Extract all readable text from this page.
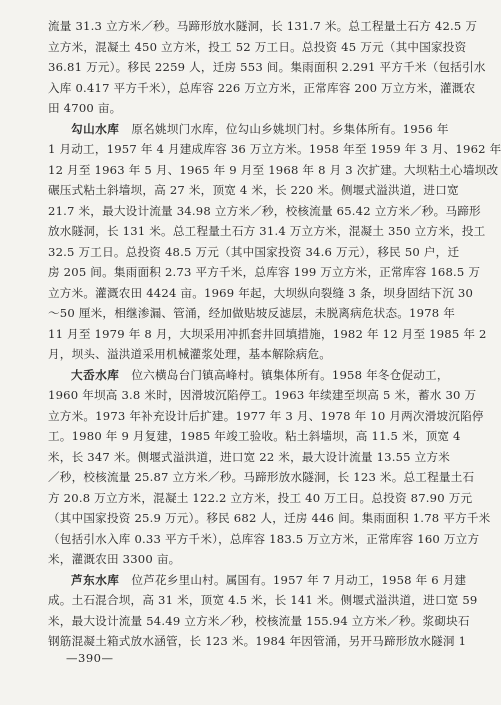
流量 31.3 立方米／秒。马蹄形放水隧洞，长 131.7 米。总工程量土石方 42.5 万
立方米，混凝土 450 立方米，投工 52 万工日。总投资 45 万元（其中国家投资
36.81 万元）。移民 2259 人，迁房 553 间。集雨面积 2.291 平方千米（包括引水
入库 0.417 平方千米），总库容 226 万立方米，正常库容 200 万立方米，灌溉农
田 4700 亩。
勾山水库 原名姚坝门水库，位勾山乡姚坝门村。乡集体所有。1956 年
1 月动工，1957 年 4 月建成库容 36 万立方米。1958 年至 1959 年 3 月、1962 年
12 月至 1963 年 5 月、1965 年 9 月至 1968 年 8 月 3 次扩建。大坝粘土心墙坝改
碾压式粘土斜墙坝，高 27 米，顶宽 4 米，长 220 米。侧堰式溢洪道，进口宽
21.7 米，最大设计流量 34.98 立方米／秒，校核流量 65.42 立方米／秒。马蹄形
放水隧洞，长 131 米。总工程量土石方 31.4 万立方米，混凝土 350 立方米，投工
32.5 万工日。总投资 48.5 万元（其中国家投资 34.6 万元），移民 50 户，迁
房 205 间。集雨面积 2.73 平方千米，总库容 199 万立方米，正常库容 168.5 万
立方米。灌溉农田 4424 亩。1969 年起，大坝纵向裂缝 3 条，坝身固结下沉 30
～50 厘米，相继渗漏、管涌，经加做贴坡反滤层，未脱离病危状态。1978 年
11 月至 1979 年 8 月，大坝采用冲抓套井回填措施，1982 年 12 月至 1985 年 2
月，坝头、溢洪道采用机械灌浆处理，基本解除病危。
大岙水库 位六横岛台门镇高峰村。镇集体所有。1958 年冬仓促动工，
1960 年坝高 3.8 米时，因滑坡沉陷停工。1963 年续建至坝高 5 米，蓄水 30 万
立方米。1973 年补充设计后扩建。1977 年 3 月、1978 年 10 月两次滑坡沉陷停
工。1980 年 9 月复建，1985 年竣工验收。粘土斜墙坝，高 11.5 米，顶宽 4
米，长 347 米。侧堰式溢洪道，进口宽 22 米，最大设计流量 13.55 立方米
／秒，校核流量 25.87 立方米／秒。马蹄形放水隧洞，长 123 米。总工程量土石
方 20.8 万立方米，混凝土 122.2 立方米，投工 40 万工日。总投资 87.90 万元
（其中国家投资 25.9 万元）。移民 682 人，迁房 446 间。集雨面积 1.78 平方千米
（包括引水入库 0.33 平方千米），总库容 183.5 万立方米，正常库容 160 万立方
米，灌溉农田 3300 亩。
芦东水库 位芦花乡里山村。属国有。1957 年 7 月动工，1958 年 6 月建
成。土石混合坝，高 31 米，顶宽 4.5 米，长 141 米。侧堰式溢洪道，进口宽 59
米，最大设计流量 54.49 立方米／秒，校核流量 155.94 立方米／秒。浆砌块石
钢筋混凝土箱式放水涵管，长 123 米。1984 年因管涌，另开马蹄形放水隧洞 1
—390—
